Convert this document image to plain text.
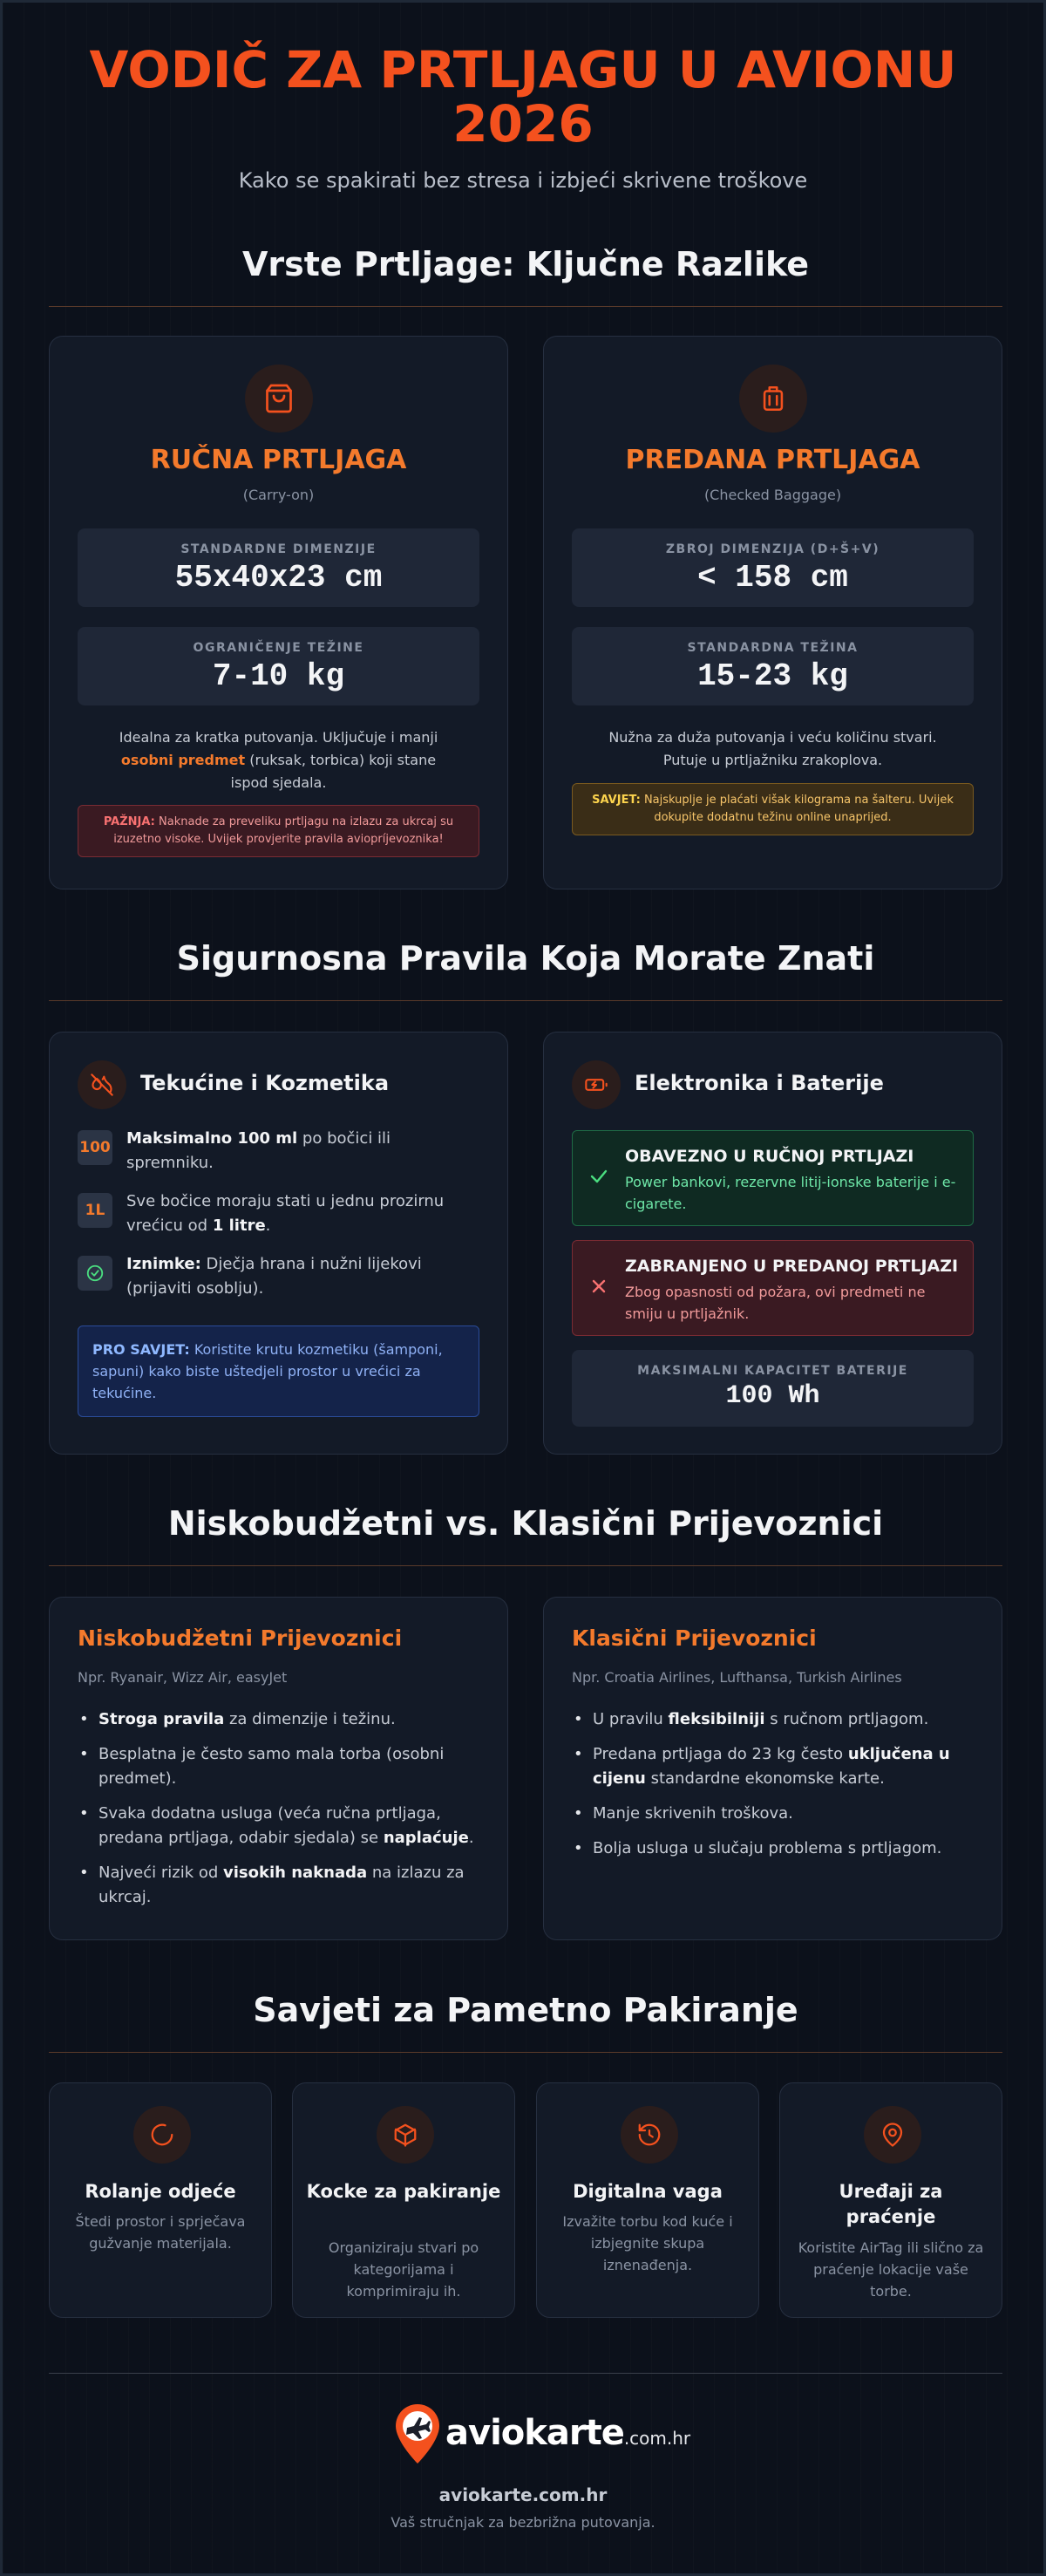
VODIČ ZA PRTLJAGU U AVIONU 2026
Kako se spakirati bez stresa i izbjeći skrivene troškove
Vrste Prtljage: Ključne Razlike
RUČNA PRTLJAGA
(Carry-on)
STANDARDNE DIMENZIJE
55x40x23 cm
OGRANIČENJE TEŽINE
7-10 kg
Idealna za kratka putovanja. Uključuje i manji osobni predmet (ruksak, torbica) koji stane ispod sjedala.
PAŽNJA: Naknade za preveliku prtljagu na izlazu za ukrcaj su izuzetno visoke. Uvijek provjerite pravila aviopríjevoznika!
PREDANA PRTLJAGA
(Checked Baggage)
ZBROJ DIMENZIJA (D+Š+V)
< 158 cm
STANDARDNA TEŽINA
15-23 kg
Nužna za duža putovanja i veću količinu stvari. Putuje u prtljažniku zrakoplova.
SAVJET: Najskuplje je plaćati višak kilograma na šalteru. Uvijek dokupite dodatnu težinu online unaprijed.
Sigurnosna Pravila Koja Morate Znati
Tekućine i Kozmetika
100 Maksimalno 100 ml po bočici ili spremniku.
1L	Sve bočice moraju stati u jednu prozirnu vrećicu od 1 litre.
Iznimke: Dječja hrana i nužni lijekovi (prijaviti osoblju).
PRO SAVJET: Koristite krutu kozmetiku (šamponi, sapuni) kako biste uštedjeli prostor u vrećici za tekućine.
Elektronika i Baterije
OBAVEZNO U RUČNOJ PRTLJAZI
Power bankovi, rezervne litij-ionske baterije i e-cigarete.
ZABRANJENO U PREDANOJ PRTLJAZI
Zbog opasnosti od požara, ovi predmeti ne smiju u prtljažnik.
MAKSIMALNI KAPACITET BATERIJE
100 Wh
Niskobudžetni vs. Klasični Prijevoznici
Niskobudžetni Prijevoznici
Npr. Ryanair, Wizz Air, easyJet
• Stroga pravila za dimenzije i težinu.
• Besplatna je često samo mala torba (osobni predmet).
• Svaka dodatna usluga (veća ručna prtljaga, predana prtljaga, odabir sjedala) se naplaćuje.
• Najveći rizik od visokih naknada na izlazu za ukrcaj.
Klasični Prijevoznici
Npr. Croatia Airlines, Lufthansa, Turkish Airlines
• U pravilu fleksibilniji s ručnom prtljagom.
• Predana prtljaga do 23 kg često uključena u cijenu standardne ekonomske karte.
• Manje skrivenih troškova.
• Bolja usluga u slučaju problema s prtljagom.
Savjeti za Pametno Pakiranje
Rolanje odjeće
Štedi prostor i sprječava gužvanje materijala.
Kocke za pakiranje
Organiziraju stvari po kategorijama i komprimiraju ih.
Digitalna vaga
Izvažite torbu kod kuće i izbjegnite skupa iznenađenja.
Uređaji za praćenje
Koristite AirTag ili slično za praćenje lokacije vaše torbe.
aviokarte.com.hr
aviokarte.com.hr
Vaš stručnjak za bezbrižna putovanja.
